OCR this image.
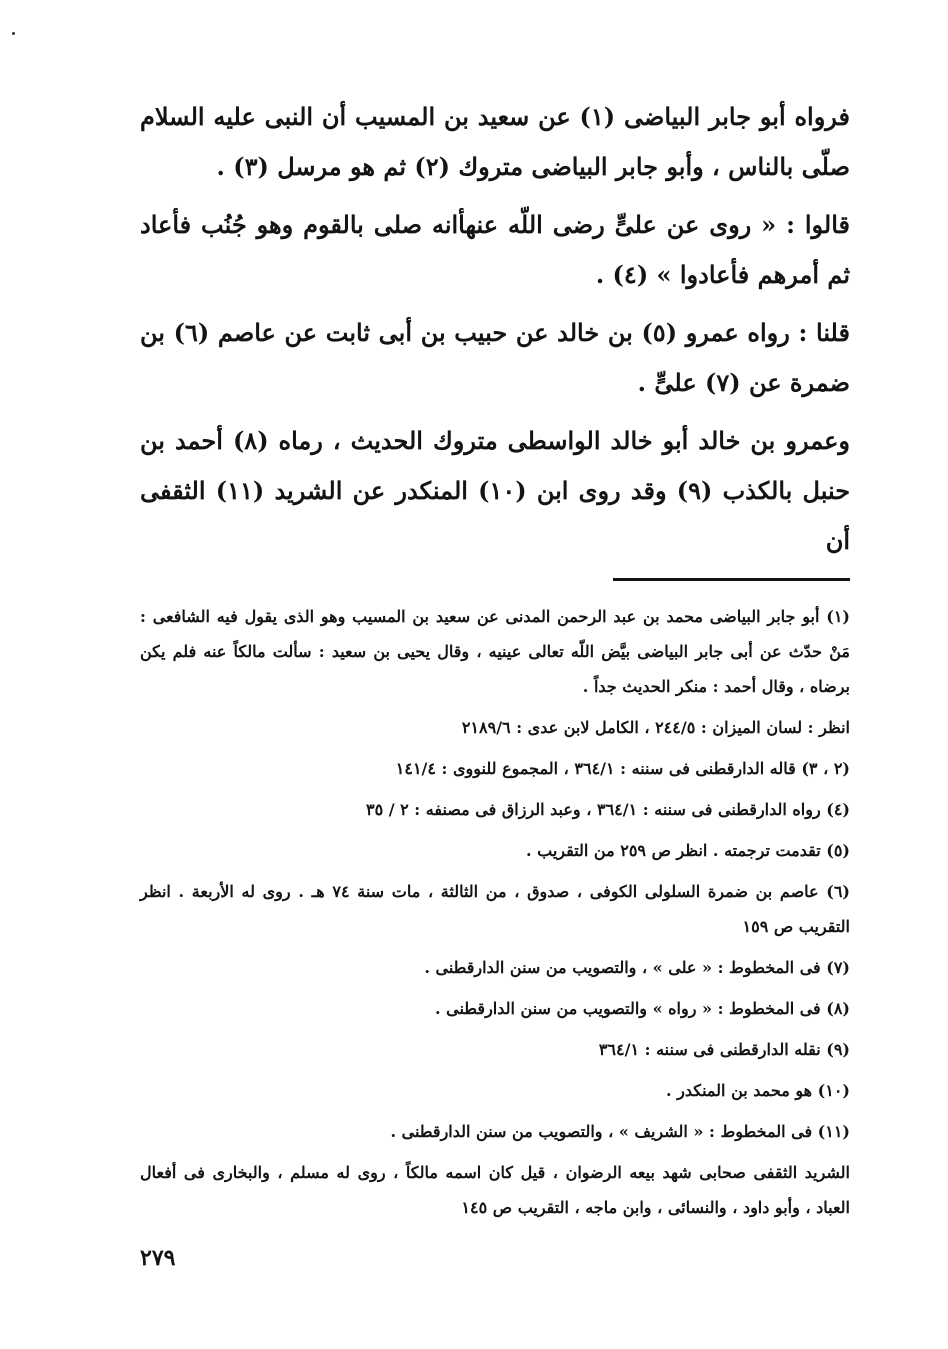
فرواه أبو جابر البياضى (١) عن سعيد بن المسيب أن النبى عليه السلام صلّى بالناس ، وأبو جابر البياضى متروك (٢) ثم هو مرسل (٣) .

قالوا : « روى عن علىٍّ رضى اللّه عنهأانه صلى بالقوم وهو جُنُب فأعاد ثم أمرهم فأعادوا » (٤) .

قلنا : رواه عمرو (٥) بن خالد عن حبيب بن أبى ثابت عن عاصم (٦) بن ضمرة عن (٧) علىٍّ .

وعمرو بن خالد أبو خالد الواسطى متروك الحديث ، رماه (٨) أحمد بن حنبل بالكذب (٩) وقد روى ابن (١٠) المنكدر عن الشريد (١١) الثقفى أن

(١) أبو جابر البياضى محمد بن عبد الرحمن المدنى عن سعيد بن المسيب وهو الذى يقول فيه الشافعى : مَنْ حدّث عن أبى جابر البياضى بيَّض اللّه تعالى عينيه ، وقال يحيى بن سعيد : سألت مالكاً عنه فلم يكن برضاه ، وقال أحمد : منكر الحديث جداً .

انظر : لسان الميزان : ٢٤٤/٥ ، الكامل لابن عدى : ٢١٨٩/٦

(٢ ، ٣) قاله الدارقطنى فى سننه : ٣٦٤/١ ، المجموع للنووى : ١٤١/٤

(٤) رواه الدارقطنى فى سننه : ٣٦٤/١ ، وعبد الرزاق فى مصنفه : ٢ / ٣٥

(٥) تقدمت ترجمته . انظر ص ٢٥٩ من التقريب .

(٦) عاصم بن ضمرة السلولى الكوفى ، صدوق ، من الثالثة ، مات سنة ٧٤ هـ . روى له الأربعة . انظر التقريب ص ١٥٩

(٧) فى المخطوط : « على » ، والتصويب من سنن الدارقطنى .

(٨) فى المخطوط : « رواه » والتصويب من سنن الدارقطنى .

(٩) نقله الدارقطنى فى سننه : ٣٦٤/١

(١٠) هو محمد بن المنكدر .

(١١) فى المخطوط : « الشريف » ، والتصويب من سنن الدارقطنى .

الشريد الثقفى صحابى شهد بيعه الرضوان ، قيل كان اسمه مالكاً ، روى له مسلم ، والبخارى فى أفعال العباد ، وأبو داود ، والنسائى ، وابن ماجه ، التقريب ص ١٤٥

٢٧٩
